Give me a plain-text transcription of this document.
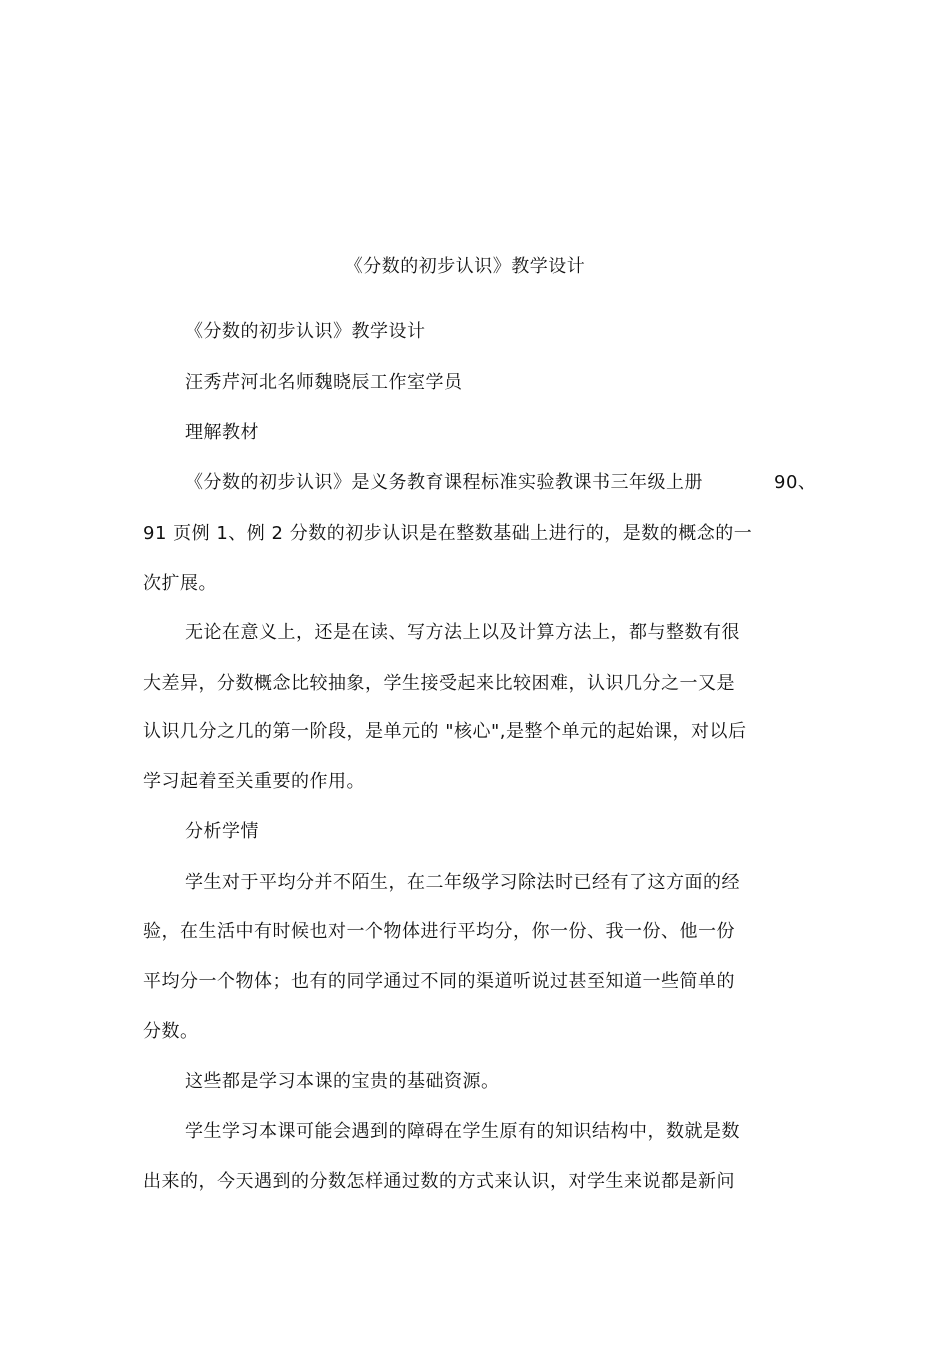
《分数的初步认识》教学设计
《分数的初步认识》教学设计
汪秀芹河北名师魏晓辰工作室学员
理解教材
《分数的初步认识》是义务教育课程标准实验教课书三年级上册	90、
91 页例 1、例 2 分数的初步认识是在整数基础上进行的，是数的概念的一
次扩展。
无论在意义上，还是在读、写方法上以及计算方法上，都与整数有很
大差异，分数概念比较抽象，学生接受起来比较困难，认识几分之一又是
认识几分之几的第一阶段，是单元的 "核心",是整个单元的起始课，对以后
学习起着至关重要的作用。
分析学情
学生对于平均分并不陌生，在二年级学习除法时已经有了这方面的经
验，在生活中有时候也对一个物体进行平均分，你一份、我一份、他一份
平均分一个物体；也有的同学通过不同的渠道听说过甚至知道一些简单的
分数。
这些都是学习本课的宝贵的基础资源。
学生学习本课可能会遇到的障碍在学生原有的知识结构中，数就是数
出来的，今天遇到的分数怎样通过数的方式来认识，对学生来说都是新问
